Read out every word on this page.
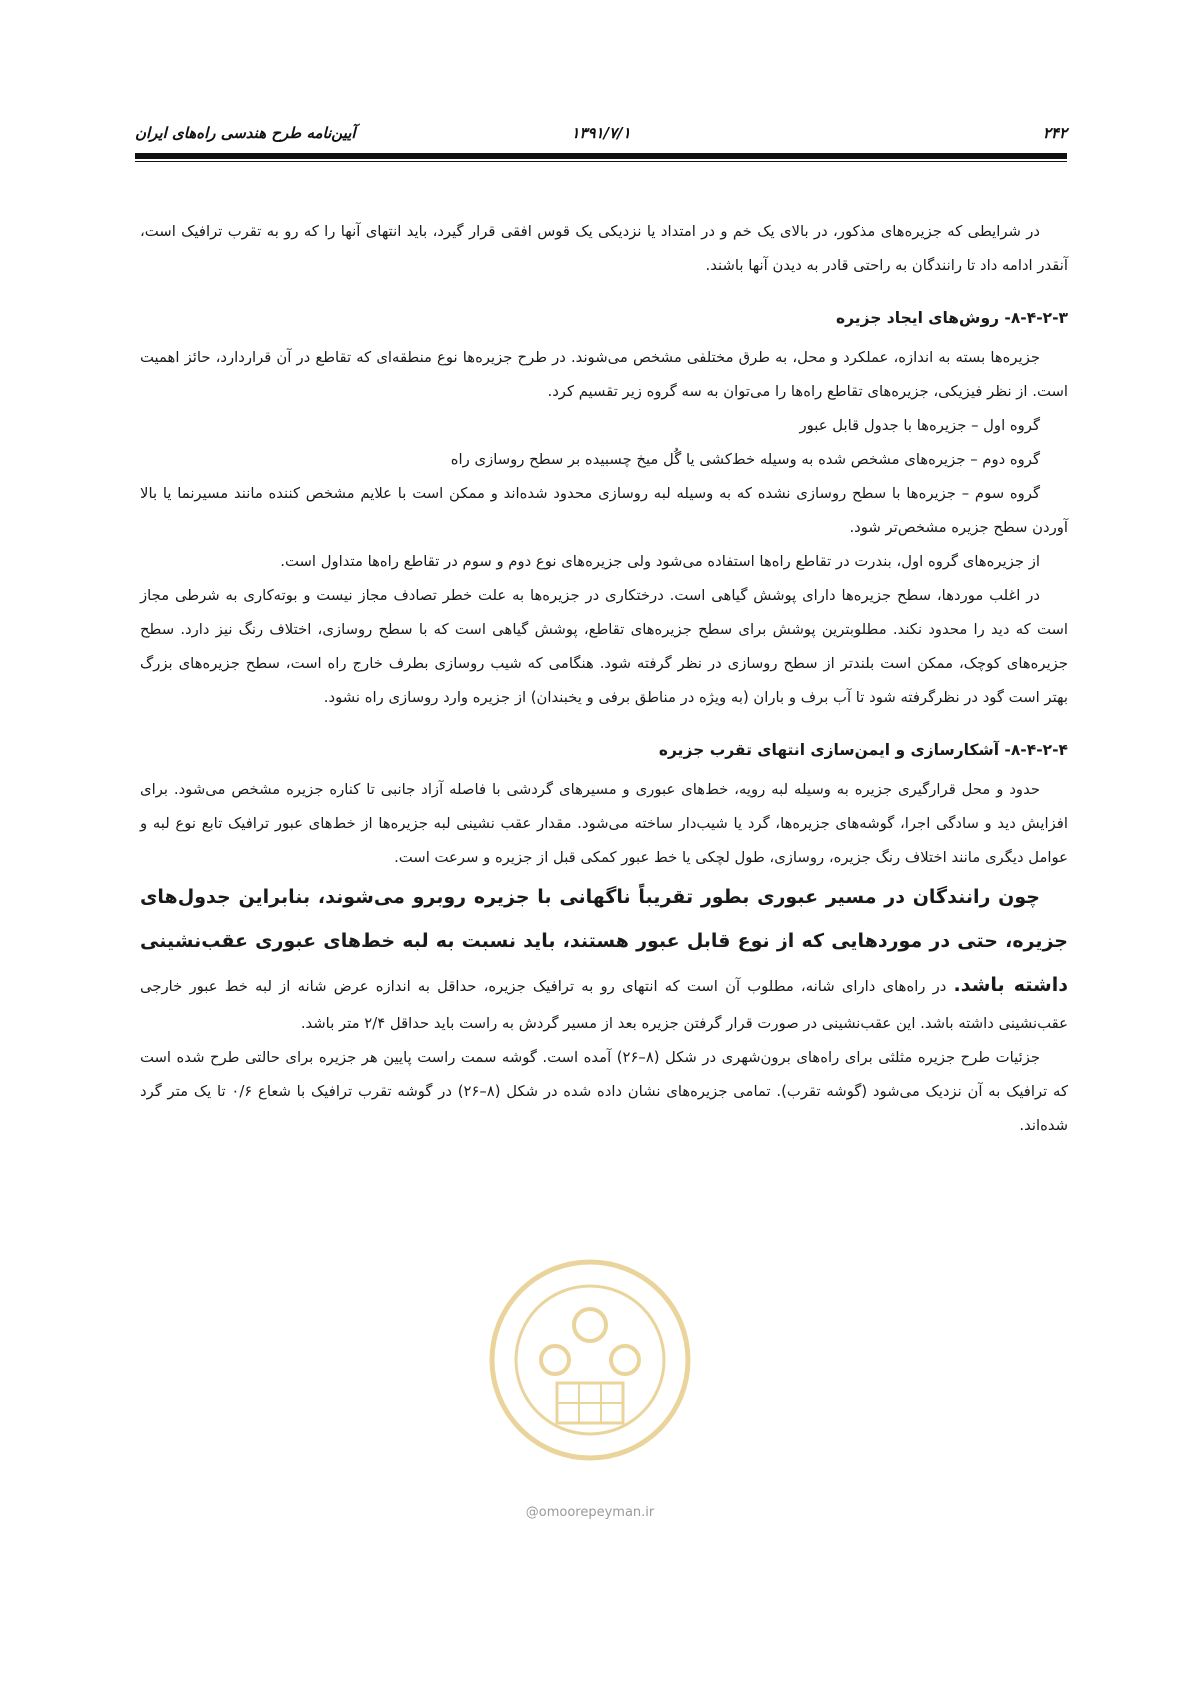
۲۴۲
۱۳۹۱/۷/۱
آیین‌نامه طرح هندسی راه‌های ایران

در شرایطی که جزیره‌های مذکور، در بالای یک خم و در امتداد یا نزدیکی یک قوس افقی قرار گیرد، باید انتهای آنها را که رو به تقرب ترافیک است، آنقدر ادامه داد تا رانندگان به راحتی قادر به دیدن آنها باشند.

۸-۴-۲-۳- روش‌های ایجاد جزیره

جزیره‌ها بسته به اندازه، عملکرد و محل، به طرق مختلفی مشخص می‌شوند. در طرح جزیره‌ها نوع منطقه‌ای که تقاطع در آن قراردارد، حائز اهمیت است. از نظر فیزیکی، جزیره‌های تقاطع راه‌ها را می‌توان به سه گروه زیر تقسیم کرد.

گروه اول – جزیره‌ها با جدول قابل عبور

گروه دوم – جزیره‌های مشخص شده به وسیله خط‌کشی یا گُل میخ چسبیده بر سطح روسازی راه

گروه سوم – جزیره‌ها با سطح روسازی نشده که به وسیله لبه روسازی محدود شده‌اند و ممکن است با علایم مشخص کننده مانند مسیرنما یا بالا آوردن سطح جزیره مشخص‌تر شود.

از جزیره‌های گروه اول، بندرت در تقاطع راه‌ها استفاده می‌شود ولی جزیره‌های نوع دوم و سوم در تقاطع راه‌ها متداول است.

در اغلب موردها، سطح جزیره‌ها دارای پوشش گیاهی است. درختکاری در جزیره‌ها به علت خطر تصادف مجاز نیست و بوته‌کاری به شرطی مجاز است که دید را محدود نکند. مطلوبترین پوشش برای سطح جزیره‌های تقاطع، پوشش گیاهی است که با سطح روسازی، اختلاف رنگ نیز دارد. سطح جزیره‌های کوچک، ممکن است بلندتر از سطح روسازی در نظر گرفته شود. هنگامی که شیب روسازی بطرف خارج راه است، سطح جزیره‌های بزرگ بهتر است گود در نظرگرفته شود تا آب برف و باران (به ویژه در مناطق برفی و یخبندان) از جزیره وارد روسازی راه نشود.

۸-۴-۲-۴- آشکارسازی و ایمن‌سازی انتهای تقرب جزیره

حدود و محل قرارگیری جزیره به وسیله لبه رویه، خط‌های عبوری و مسیرهای گردشی با فاصله آزاد جانبی تا کناره جزیره مشخص می‌شود. برای افزایش دید و سادگی اجرا، گوشه‌های جزیره‌ها، گرد یا شیب‌دار ساخته می‌شود. مقدار عقب نشینی لبه جزیره‌ها از خط‌های عبور ترافیک تابع نوع لبه و عوامل دیگری مانند اختلاف رنگ جزیره، روسازی، طول لچکی یا خط عبور کمکی قبل از جزیره و سرعت است.

چون رانندگان در مسیر عبوری بطور تقریباً ناگهانی با جزیره روبرو می‌شوند، بنابراین جدول‌های جزیره، حتی در موردهایی که از نوع قابل عبور هستند، باید نسبت به لبه خط‌های عبوری عقب‌نشینی داشته باشد. در راه‌های دارای شانه، مطلوب آن است که انتهای رو به ترافیک جزیره، حداقل به اندازه عرض شانه از لبه خط عبور خارجی عقب‌نشینی داشته باشد. این عقب‌نشینی در صورت قرار گرفتن جزیره بعد از مسیر گردش به راست باید حداقل ۲/۴ متر باشد.

جزئیات طرح جزیره مثلثی برای راه‌های برون‌شهری در شکل (۸–۲۶) آمده است. گوشه سمت راست پایین هر جزیره برای حالتی طرح شده است که ترافیک به آن نزدیک می‌شود (گوشه تقرب). تمامی جزیره‌های نشان داده شده در شکل (۸–۲۶) در گوشه تقرب ترافیک با شعاع ۰/۶ تا یک متر گرد شده‌اند.

@omoorepeyman.ir
